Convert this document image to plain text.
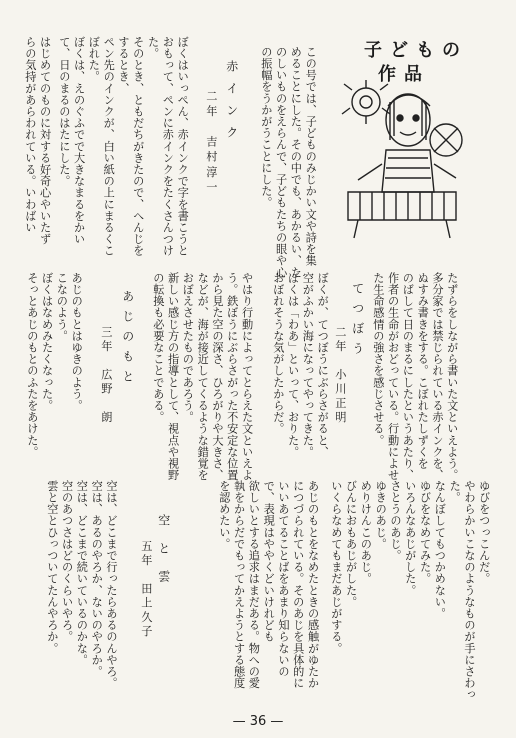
子どもの
作品
この号では、子どものみじかい文や詩を集
めることにした。その中でも、あかるい、た
のしいものをえらんで、子どもたちの眼や心
の振幅をうかがうことにした。
赤インク
二年　吉村淳一
ぼくはいっぺん、赤インクで字を書こうと
おもって、ペンに赤インクをたくさんつけ
た。
そのとき、ともだちがきたので、へんじを
するとき、
ペン先のインクが、白い紙の上にまるくこ
ぼれた。
ぼくは、えのぐふでで大きなまるをかい
て、日のまるのはたにした。
はじめてのものに対する好奇心やいたず
らの気持があらわれている。いわばい
たずらをしながら書いた文といえよう。
多分家では禁じられている赤インクを、
ぬすみ書きをする。こぼれたしずくを
のばして日のまるにしたというあたり、
作者の生命がおどっている。行動によせ
た生命感情の強さを感じさせる。
てつぼう
二年　小川正明
ぼくが、てつぼうにぶらさがると、
空がふかい海になってやってきた。
ぼくは「わあ」といって、おりた。
おぼれそうな気がしたからだ。
やはり行動によってとらえた文といえよ
う。鉄ぼうにぶらさがった不安定な位置
から見た空の深さ、ひろがりや大きさ、
などが、海が接近してくるような錯覚を
おぼえさせたものであろう。
新しい感じ方の指導として、視点や視野
の転換も必要なことである。
あじのもと
三年　広野　朗
あじのもとはゆきのよう。
こなのよう。
ぼくはなめみたくなった。
そっとあじのもとのふたをあけた。
ゆびをつっこんだ。
やわらかいこなのようなものが手にさわっ
た。
なんぼしてもつかめない。
ゆびをなめてみた。
いろんなあじがした。
さとうのあじ。
ゆきのあじ。
めりけんこのあじ。
びんにおもあじがした。
いくらなめてもまだあじがする。
あじのもとをなめたときの感触がゆたか
につづられている。そのあじを具体的に
いいあてることばをあまり知らないの
で、表現はややくどいけれども
欲しいとする追求はまだある。物への愛
執をからだでもってかえようとする態度
を認めたい。
空と雲
五年　田上久子
空は、どこまで行ったらあるのんやろ。
空は、あるのやろか、ないのやろか。
空は、どこまで続いているのかな。
空のあつさはどのくらいやろ。
雲と空とひっついてたんやろか。
— 36 —
